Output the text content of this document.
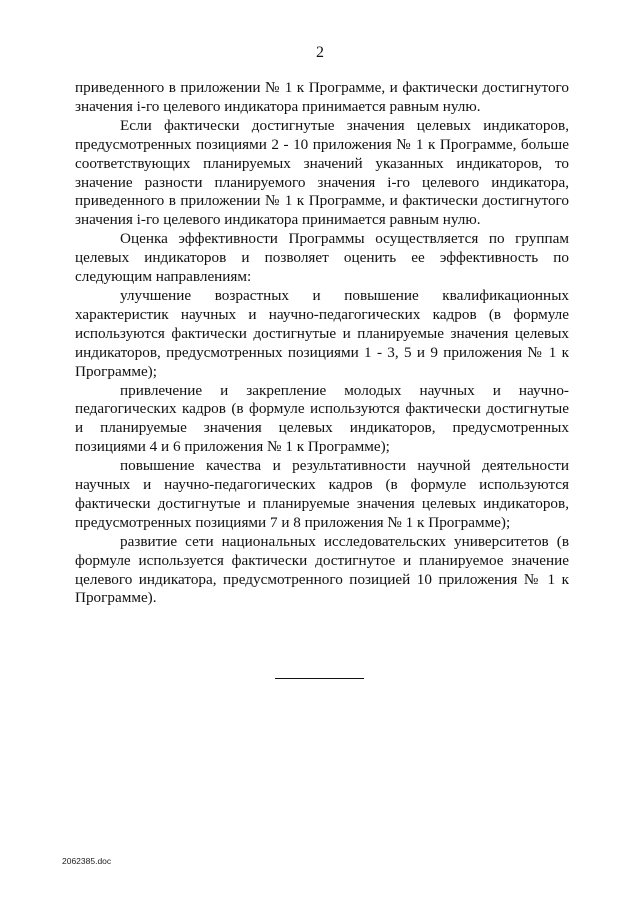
2

приведенного в приложении № 1 к Программе, и фактически достигнутого значения i-го целевого индикатора принимается равным нулю.

Если фактически достигнутые значения целевых индикаторов, предусмотренных позициями 2 - 10 приложения № 1 к Программе, больше соответствующих планируемых значений указанных индикаторов, то значение разности планируемого значения i-го целевого индикатора, приведенного в приложении № 1 к Программе, и фактически достигнутого значения i-го целевого индикатора принимается равным нулю.

Оценка эффективности Программы осуществляется по группам целевых индикаторов и позволяет оценить ее эффективность по следующим направлениям:

улучшение возрастных и повышение квалификационных характеристик научных и научно-педагогических кадров (в формуле используются фактически достигнутые и планируемые значения целевых индикаторов, предусмотренных позициями 1 - 3, 5 и 9 приложения № 1 к Программе);

привлечение и закрепление молодых научных и научно-педагогических кадров (в формуле используются фактически достигнутые и планируемые значения целевых индикаторов, предусмотренных позициями 4 и 6 приложения № 1 к Программе);

повышение качества и результативности научной деятельности научных и научно-педагогических кадров (в формуле используются фактически достигнутые и планируемые значения целевых индикаторов, предусмотренных позициями 7 и 8 приложения № 1 к Программе);

развитие сети национальных исследовательских университетов (в формуле используется фактически достигнутое и планируемое значение целевого индикатора, предусмотренного позицией 10 приложения № 1 к Программе).

2062385.doc
